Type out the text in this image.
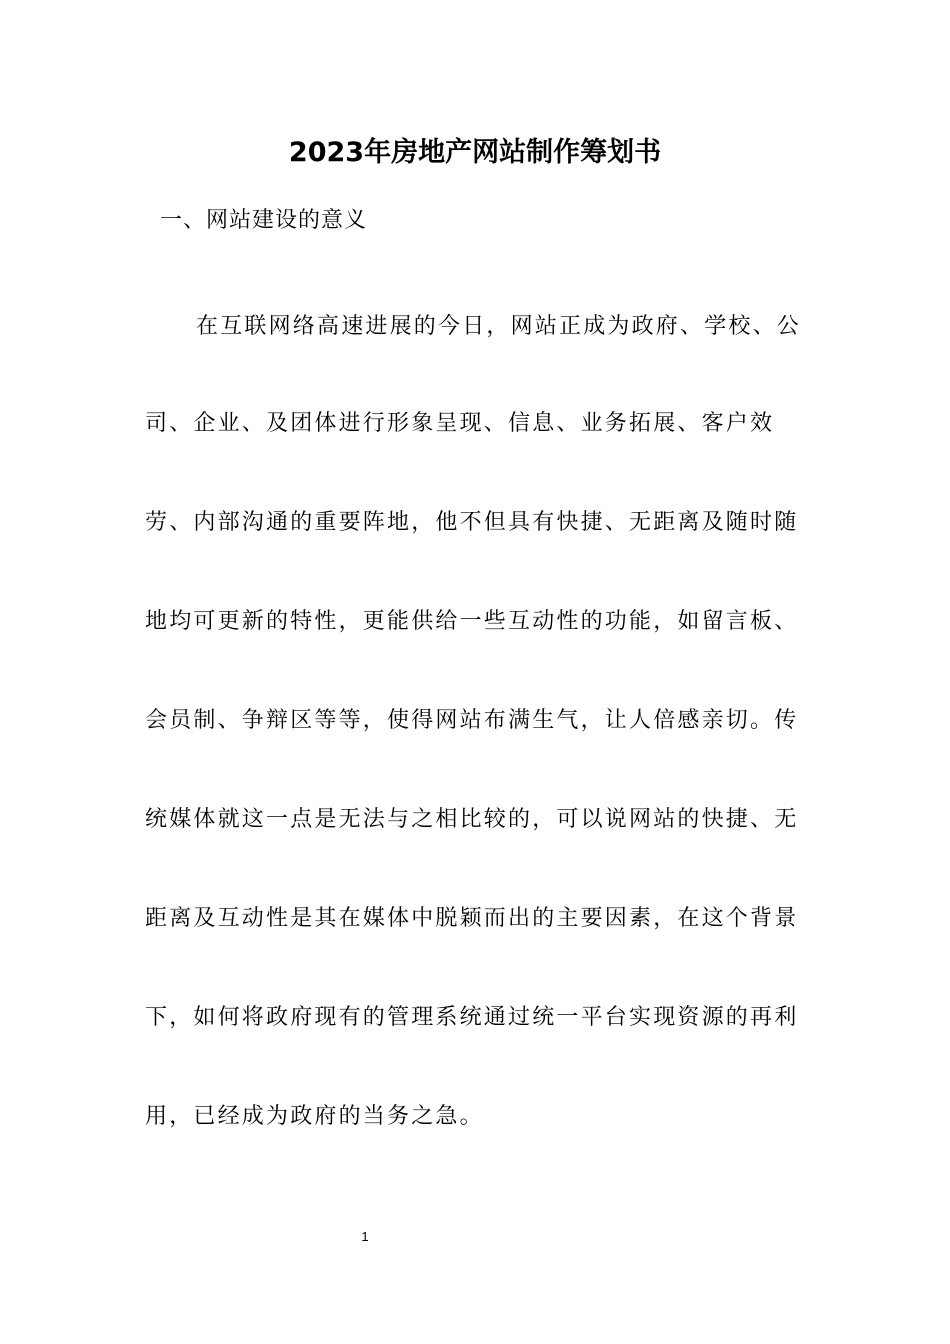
2023年房地产网站制作筹划书

一、网站建设的意义

在互联网络高速进展的今日，网站正成为政府、学校、公

司、企业、及团体进行形象呈现、信息、业务拓展、客户效

劳、内部沟通的重要阵地，他不但具有快捷、无距离及随时随

地均可更新的特性，更能供给一些互动性的功能，如留言板、

会员制、争辩区等等，使得网站布满生气，让人倍感亲切。传

统媒体就这一点是无法与之相比较的，可以说网站的快捷、无

距离及互动性是其在媒体中脱颖而出的主要因素，在这个背景

下，如何将政府现有的管理系统通过统一平台实现资源的再利

用，已经成为政府的当务之急。

1
